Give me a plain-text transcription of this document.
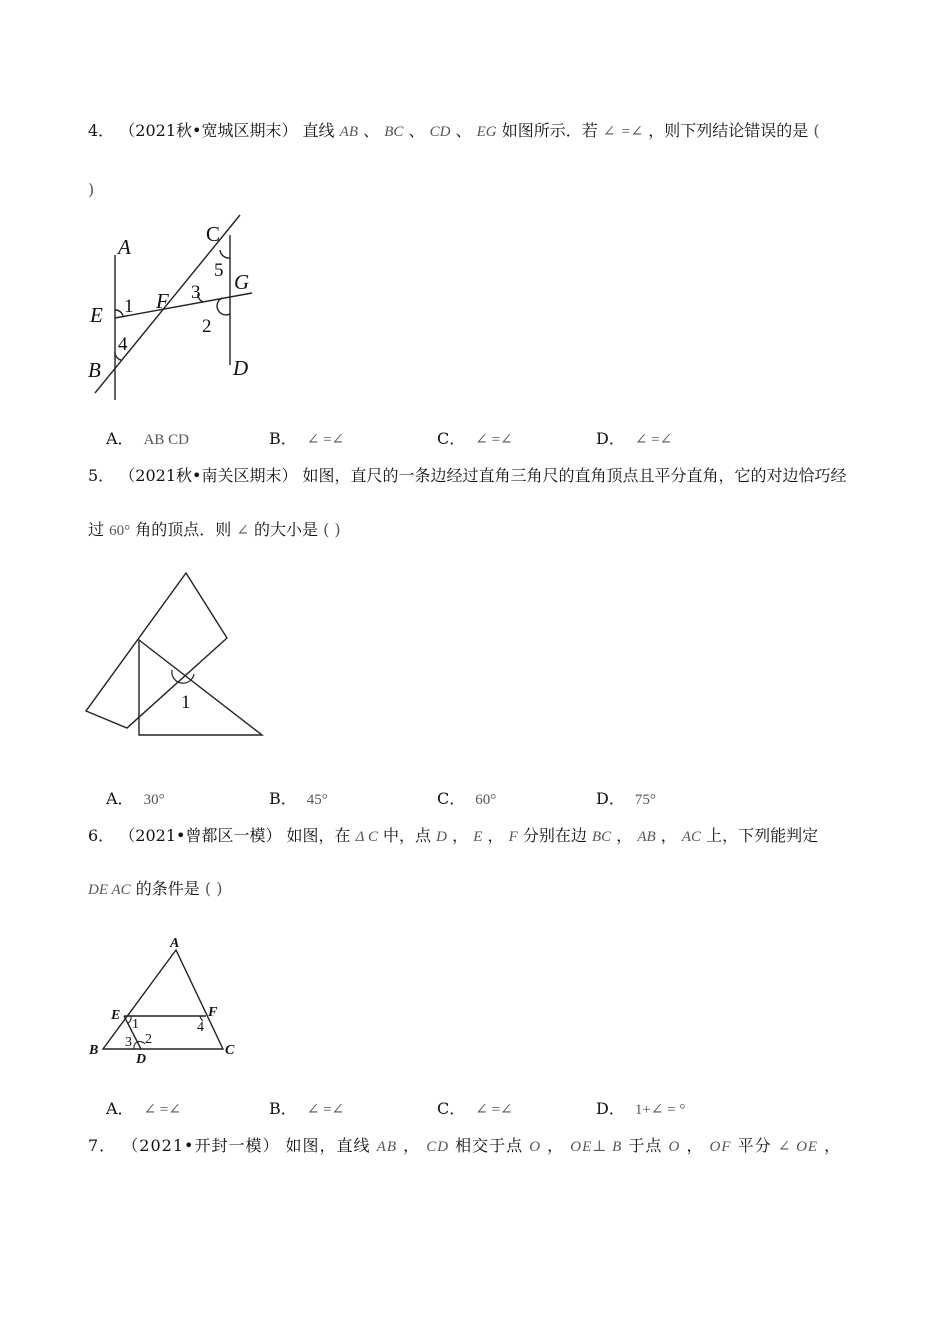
4． （2021秋•宽城区期末） 直线 AB 、 BC 、 CD 、 EG 如图所示．若 ∠ =∠ ，则下列结论错误的是 (
)
A
E
B
F
G
D
C
1
4
3
5
2
A． AB CD	B． ∠ =∠	C． ∠ =∠	D． ∠ =∠
5． （2021秋•南关区期末） 如图，直尺的一条边经过直角三角尺的直角顶点且平分直角，它的对边恰巧经
过 60° 角的顶点．则 ∠ 的大小是 ( )
1
A． 30°	B． 45°	C． 60°	D． 75°
6． （2021•曾都区一模） 如图，在 Δ C 中，点 D ， E ， F 分别在边 BC ， AB ， AC 上，下列能判定
DE AC 的条件是 ( )
A
E	F
B	C
D
1
2
3
4
A． ∠ =∠	B． ∠ =∠	C． ∠ =∠	D． 1+∠ = °
7． （2021•开封一模） 如图，直线 AB ， CD 相交于点 O ， OE⊥ B 于点 O ， OF 平分 ∠ OE ，
